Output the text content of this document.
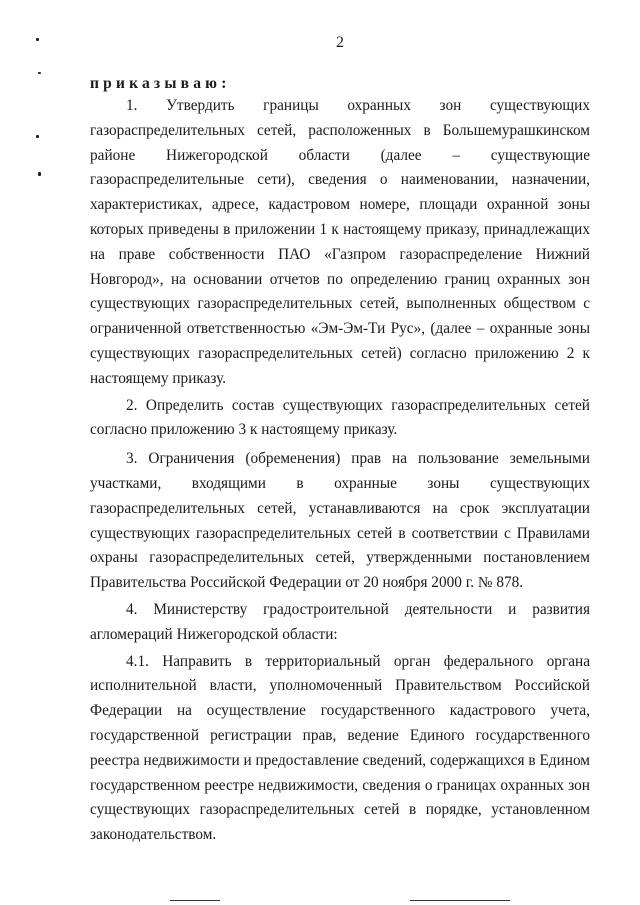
2
приказываю:

1. Утвердить границы охранных зон существующих газораспределительных сетей, расположенных в Большемурашкинском районе Нижегородской области (далее – существующие газораспределительные сети), сведения о наименовании, назначении, характеристиках, адресе, кадастровом номере, площади охранной зоны которых приведены в приложении 1 к настоящему приказу, принадлежащих на праве собственности ПАО «Газпром газораспределение Нижний Новгород», на основании отчетов по определению границ охранных зон существующих газораспределительных сетей, выполненных обществом с ограниченной ответственностью «Эм-Эм-Ти Рус», (далее – охранные зоны существующих газораспределительных сетей) согласно приложению 2 к настоящему приказу.

2. Определить состав существующих газораспределительных сетей согласно приложению 3 к настоящему приказу.

3. Ограничения (обременения) прав на пользование земельными участками, входящими в охранные зоны существующих газораспределительных сетей, устанавливаются на срок эксплуатации существующих газораспределительных сетей в соответствии с Правилами охраны газораспределительных сетей, утвержденными постановлением Правительства Российской Федерации от 20 ноября 2000 г. № 878.

4. Министерству градостроительной деятельности и развития агломераций Нижегородской области:

4.1. Направить в территориальный орган федерального органа исполнительной власти, уполномоченный Правительством Российской Федерации на осуществление государственного кадастрового учета, государственной регистрации прав, ведение Единого государственного реестра недвижимости и предоставление сведений, содержащихся в Едином государственном реестре недвижимости, сведения о границах охранных зон существующих газораспределительных сетей в порядке, установленном законодательством.
